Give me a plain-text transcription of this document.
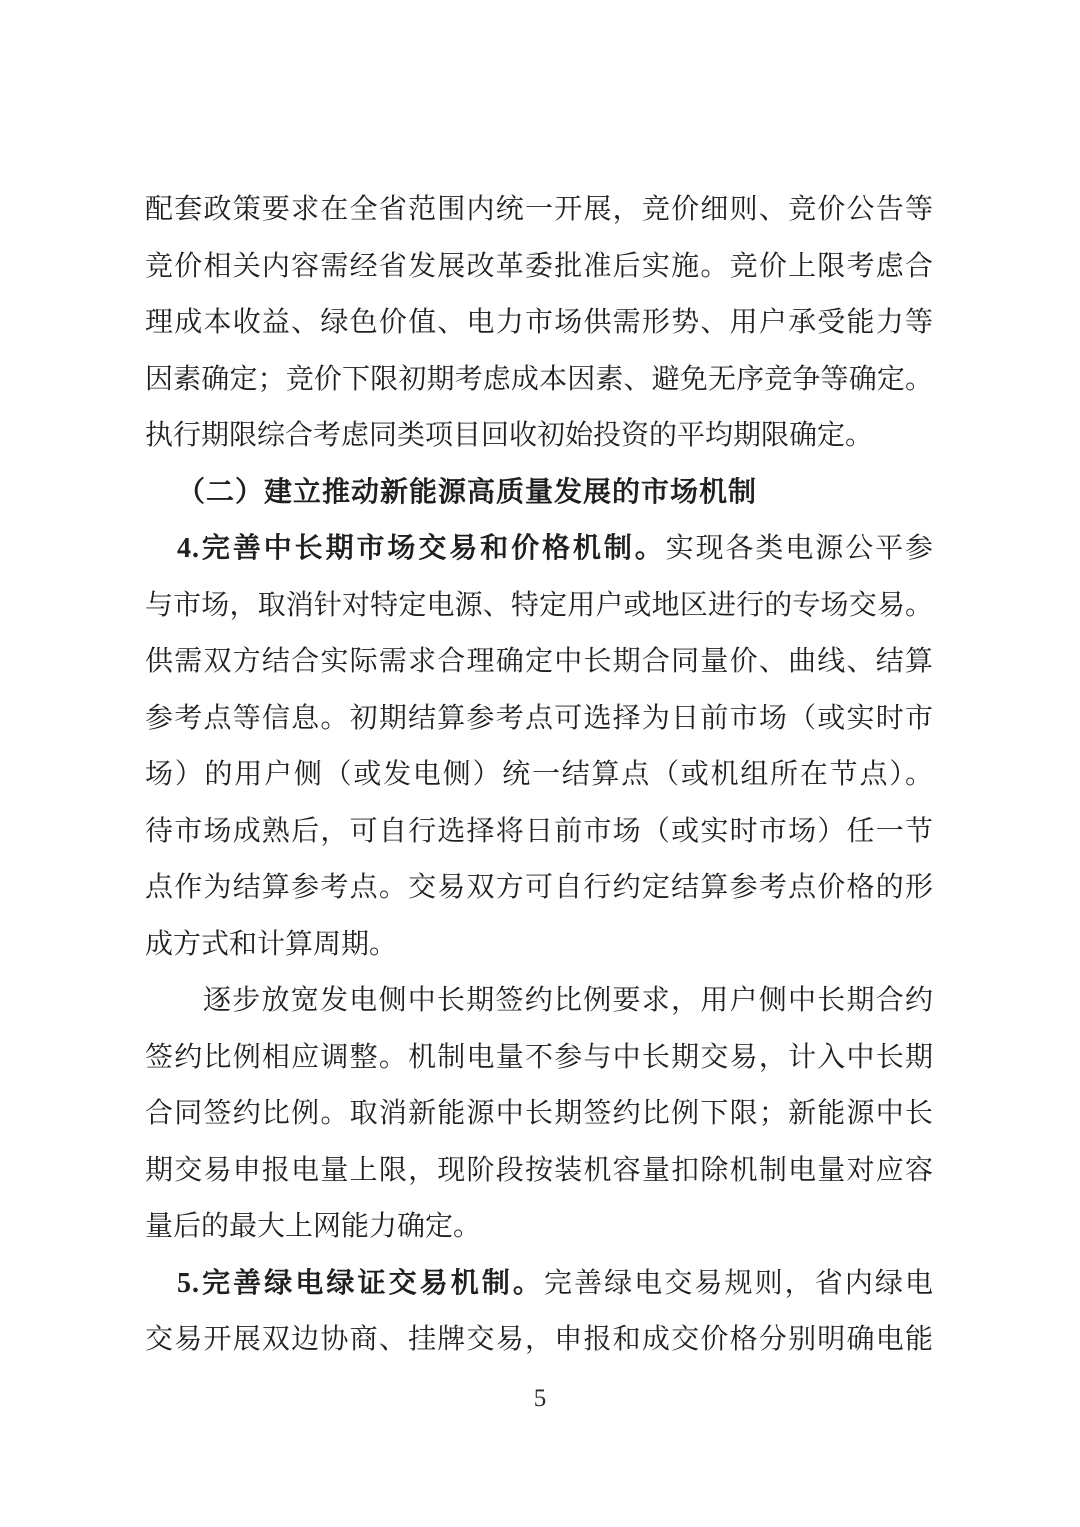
配套政策要求在全省范围内统一开展，竞价细则、竞价公告等
竞价相关内容需经省发展改革委批准后实施。竞价上限考虑合
理成本收益、绿色价值、电力市场供需形势、用户承受能力等
因素确定；竞价下限初期考虑成本因素、避免无序竞争等确定。
执行期限综合考虑同类项目回收初始投资的平均期限确定。
（二）建立推动新能源高质量发展的市场机制
4.完善中长期市场交易和价格机制。实现各类电源公平参
与市场，取消针对特定电源、特定用户或地区进行的专场交易。
供需双方结合实际需求合理确定中长期合同量价、曲线、结算
参考点等信息。初期结算参考点可选择为日前市场（或实时市
场）的用户侧（或发电侧）统一结算点（或机组所在节点）。
待市场成熟后，可自行选择将日前市场（或实时市场）任一节
点作为结算参考点。交易双方可自行约定结算参考点价格的形
成方式和计算周期。
逐步放宽发电侧中长期签约比例要求，用户侧中长期合约
签约比例相应调整。机制电量不参与中长期交易，计入中长期
合同签约比例。取消新能源中长期签约比例下限；新能源中长
期交易申报电量上限，现阶段按装机容量扣除机制电量对应容
量后的最大上网能力确定。
5.完善绿电绿证交易机制。完善绿电交易规则，省内绿电
交易开展双边协商、挂牌交易，申报和成交价格分别明确电能
5
